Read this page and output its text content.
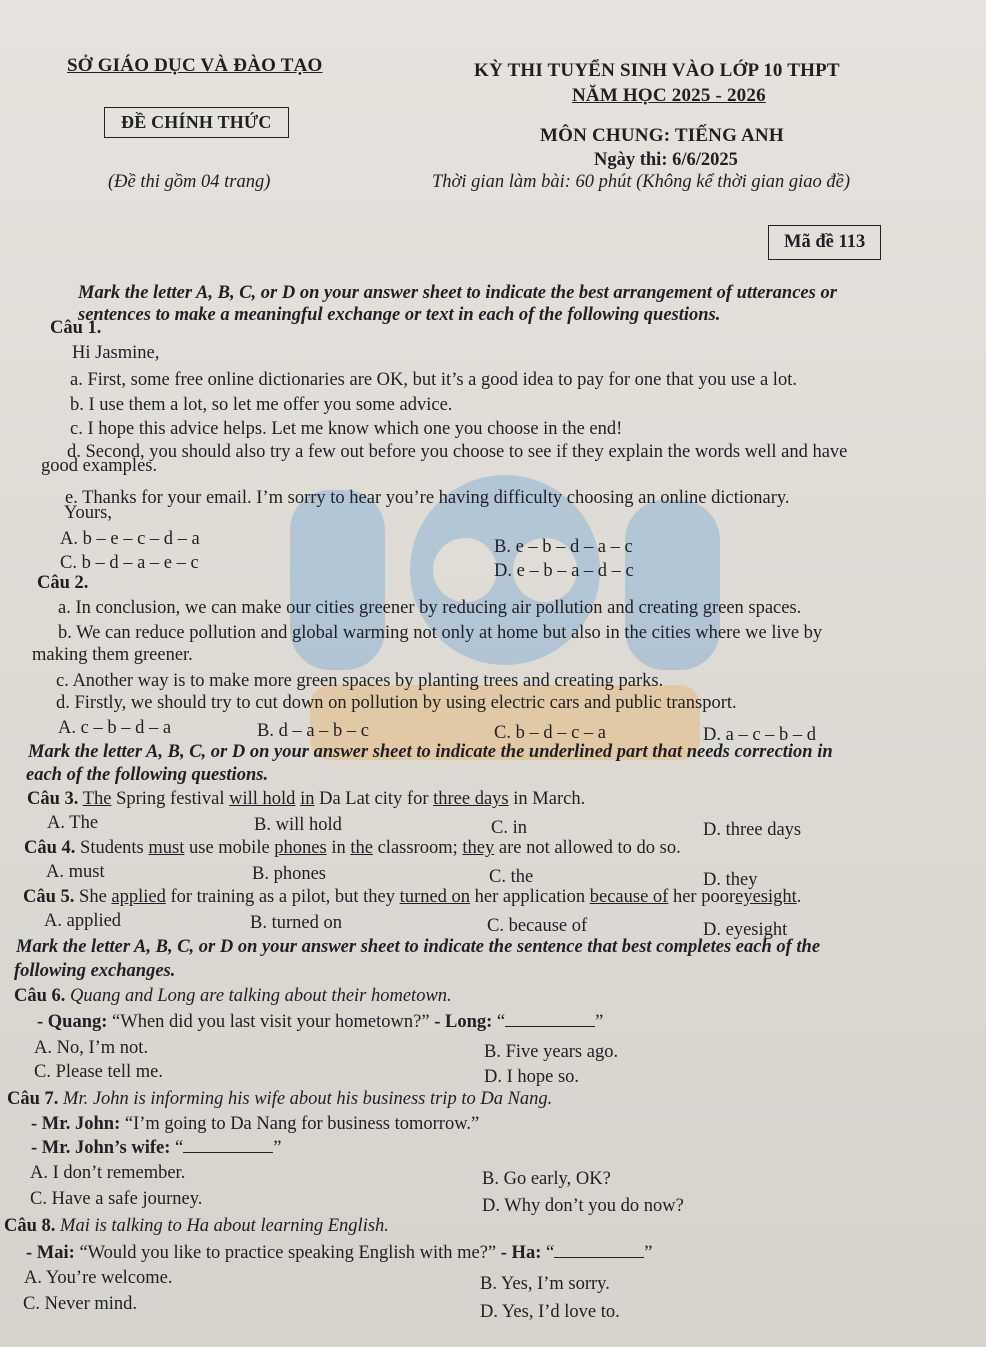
SỞ GIÁO DỤC VÀ ĐÀO TẠO
ĐỀ CHÍNH THỨC
(Đề thi gồm 04 trang)
KỲ THI TUYỂN SINH VÀO LỚP 10 THPT
NĂM HỌC 2025 - 2026
MÔN CHUNG: TIẾNG ANH
Ngày thi: 6/6/2025
Thời gian làm bài: 60 phút (Không kể thời gian giao đề)
Mã đề 113
Mark the letter A, B, C, or D on your answer sheet to indicate the best arrangement of utterances or
sentences to make a meaningful exchange or text in each of the following questions.
Câu 1.
Hi Jasmine,
a. First, some free online dictionaries are OK, but it’s a good idea to pay for one that you use a lot.
b. I use them a lot, so let me offer you some advice.
c. I hope this advice helps. Let me know which one you choose in the end!
d. Second, you should also try a few out before you choose to see if they explain the words well and have
good examples.
e. Thanks for your email. I’m sorry to hear you’re having difficulty choosing an online dictionary.
Yours,
A. b – e – c – d – a	B. e – b – d – a – c
C. b – d – a – e – c	D. e – b – a – d – c
Câu 2.
a. In conclusion, we can make our cities greener by reducing air pollution and creating green spaces.
b. We can reduce pollution and global warming not only at home but also in the cities where we live by
making them greener.
c. Another way is to make more green spaces by planting trees and creating parks.
d. Firstly, we should try to cut down on pollution by using electric cars and public transport.
A. c – b – d – a	B. d – a – b – c	C. b – d – c – a	D. a – c – b – d
Mark the letter A, B, C, or D on your answer sheet to indicate the underlined part that needs correction in
each of the following questions.
Câu 3. The Spring festival will hold in Da Lat city for three days in March.
A. The	B. will hold	C. in	D. three days
Câu 4. Students must use mobile phones in the classroom; they are not allowed to do so.
A. must	B. phones	C. the	D. they
Câu 5. She applied for training as a pilot, but they turned on her application because of her pooreyesight.
A. applied	B. turned on	C. because of	D. eyesight
Mark the letter A, B, C, or D on your answer sheet to indicate the sentence that best completes each of the
following exchanges.
Câu 6. Quang and Long are talking about their hometown.
- Quang: “When did you last visit your hometown?” - Long: “	”
A. No, I’m not.	B. Five years ago.
C. Please tell me.	D. I hope so.
Câu 7. Mr. John is informing his wife about his business trip to Da Nang.
- Mr. John: “I’m going to Da Nang for business tomorrow.”
- Mr. John’s wife: “	”
A. I don’t remember.	B. Go early, OK?
C. Have a safe journey.	D. Why don’t you do now?
Câu 8. Mai is talking to Ha about learning English.
- Mai: “Would you like to practice speaking English with me?” - Ha: “	”
A. You’re welcome.	B. Yes, I’m sorry.
C. Never mind.	D. Yes, I’d love to.
